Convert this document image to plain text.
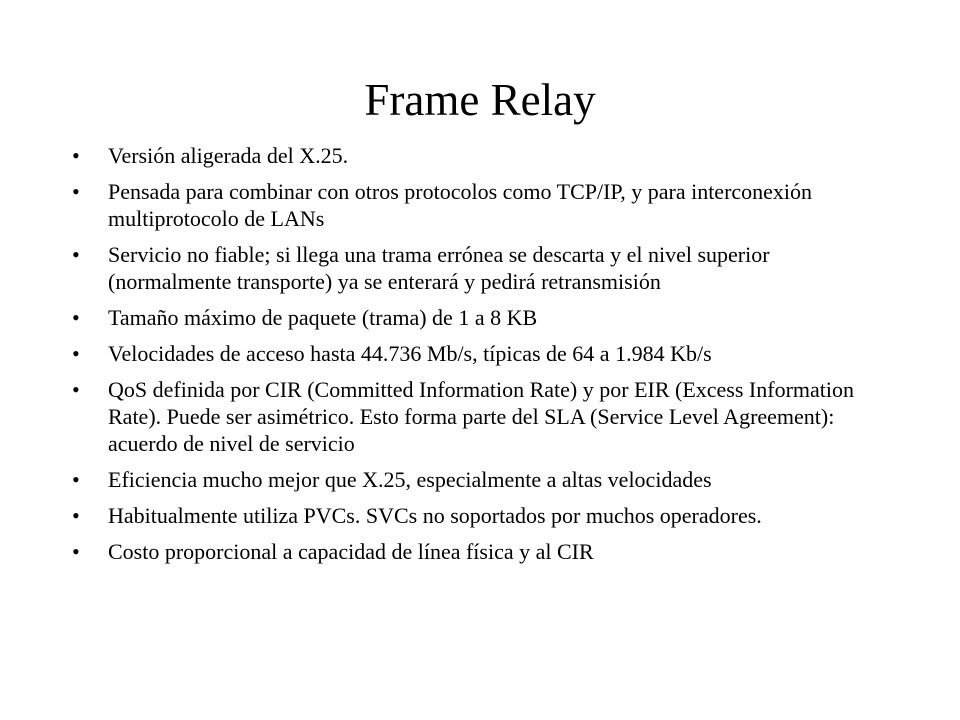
Frame Relay
•	Versión aligerada del X.25.
•	Pensada para combinar con otros protocolos como TCP/IP, y para interconexión multiprotocolo de LANs
•	Servicio no fiable; si llega una trama errónea se descarta y el nivel superior (normalmente transporte) ya se enterará y pedirá retransmisión
•	Tamaño máximo de paquete (trama) de 1 a 8 KB
•	Velocidades de acceso hasta 44.736 Mb/s, típicas de 64 a 1.984 Kb/s
•	QoS definida por CIR (Committed Information Rate) y por EIR (Excess Information Rate). Puede ser asimétrico. Esto forma parte del SLA (Service Level Agreement): acuerdo de nivel de servicio
•	Eficiencia mucho mejor que X.25, especialmente a altas velocidades
•	Habitualmente utiliza PVCs. SVCs no soportados por muchos operadores.
•	Costo proporcional a capacidad de línea física y al CIR
